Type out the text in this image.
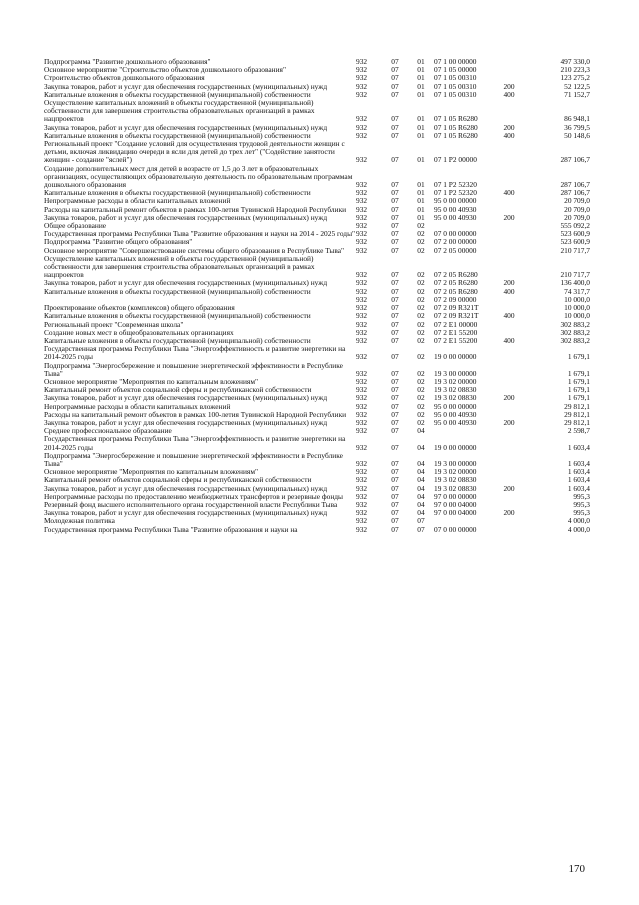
Подпрограмма "Развитие дошкольного образования"	932	07	01	07 1 00 00000		497 330,0
Основное мероприятие "Строительство объектов дошкольного образования"	932	07	01	07 1 05 00000		210 223,3
Строительство объектов дошкольного образования	932	07	01	07 1 05 00310		123 275,2
Закупка товаров, работ и услуг для обеспечения государственных (муниципальных) нужд	932	07	01	07 1 05 00310	200	52 122,5
Капитальные вложения в объекты государственной (муниципальной) собственности	932	07	01	07 1 05 00310	400	71 152,7
Осуществление капитальных вложений в объекты государственной (муниципальной) собственности для завершения строительства образовательных организаций в рамках нацпроектов	932	07	01	07 1 05 R6280		86 948,1
Закупка товаров, работ и услуг для обеспечения государственных (муниципальных) нужд	932	07	01	07 1 05 R6280	200	36 799,5
Капитальные вложения в объекты государственной (муниципальной) собственности	932	07	01	07 1 05 R6280	400	50 148,6
Региональный проект "Создание условий для осуществления трудовой деятельности женщин с детьми, включая ликвидацию очереди в ясли для детей до трех лет" ("Содействие занятости женщин - создание "яслей")	932	07	01	07 1 P2 00000		287 106,7
Создание дополнительных мест для детей в возрасте от 1,5 до 3 лет в образовательных организациях, осуществляющих образовательную деятельность по образовательным программам дошкольного образования	932	07	01	07 1 P2 52320		287 106,7
Капитальные вложения в объекты государственной (муниципальной) собственности	932	07	01	07 1 P2 52320	400	287 106,7
Непрограммные расходы в области капитальных вложений	932	07	01	95 0 00 00000		20 709,0
Расходы на капитальный ремонт объектов в рамках 100-летия Тувинской Народной Республики	932	07	01	95 0 00 40930		20 709,0
Закупка товаров, работ и услуг для обеспечения государственных (муниципальных) нужд	932	07	01	95 0 00 40930	200	20 709,0
Общее образование	932	07	02			555 092,2
Государственная программа Республики Тыва "Развитие образования и науки на 2014 - 2025 годы"	932	07	02	07 0 00 00000		523 600,9
Подпрограмма "Развитие общего образования"	932	07	02	07 2 00 00000		523 600,9
Основное мероприятие "Совершенствование системы общего образования в Республике Тыва"	932	07	02	07 2 05 00000		210 717,7
Осуществление капитальных вложений в объекты государственной (муниципальной) собственности для завершения строительства образовательных организаций в рамках нацпроектов	932	07	02	07 2 05 R6280		210 717,7
Закупка товаров, работ и услуг для обеспечения государственных (муниципальных) нужд	932	07	02	07 2 05 R6280	200	136 400,0
Капитальные вложения в объекты государственной (муниципальной) собственности	932	07	02	07 2 05 R6280	400	74 317,7
	932	07	02	07 2 09 00000		10 000,0
Проектирование объектов (комплексов) общего образования	932	07	02	07 2 09 R321T		10 000,0
Капитальные вложения в объекты государственной (муниципальной) собственности	932	07	02	07 2 09 R321T	400	10 000,0
Региональный проект "Современная школа"	932	07	02	07 2 E1 00000		302 883,2
Создание новых мест в общеобразовательных организациях	932	07	02	07 2 E1 55200		302 883,2
Капитальные вложения в объекты государственной (муниципальной) собственности	932	07	02	07 2 E1 55200	400	302 883,2
Государственная программа Республики Тыва "Энергоэффективность и развитие энергетики на 2014-2025 годы	932	07	02	19 0 00 00000		1 679,1
Подпрограмма "Энергосбережение и повышение энергетической эффективности в Республике Тыва"	932	07	02	19 3 00 00000		1 679,1
Основное мероприятие "Мероприятия по капитальным вложениям"	932	07	02	19 3 02 00000		1 679,1
Капитальный ремонт объектов социальной сферы и республиканской собственности	932	07	02	19 3 02 08830		1 679,1
Закупка товаров, работ и услуг для обеспечения государственных (муниципальных) нужд	932	07	02	19 3 02 08830	200	1 679,1
Непрограммные расходы в области капитальных вложений	932	07	02	95 0 00 00000		29 812,1
Расходы на капитальный ремонт объектов в рамках 100-летия Тувинской Народной Республики	932	07	02	95 0 00 40930		29 812,1
Закупка товаров, работ и услуг для обеспечения государственных (муниципальных) нужд	932	07	02	95 0 00 40930	200	29 812,1
Среднее профессиональное образование	932	07	04			2 598,7
Государственная программа Республики Тыва "Энергоэффективность и развитие энергетики на 2014-2025 годы	932	07	04	19 0 00 00000		1 603,4
Подпрограмма "Энергосбережение и повышение энергетической эффективности в Республике Тыва"	932	07	04	19 3 00 00000		1 603,4
Основное мероприятие "Мероприятия по капитальным вложениям"	932	07	04	19 3 02 00000		1 603,4
Капитальный ремонт объектов социальной сферы и республиканской собственности	932	07	04	19 3 02 08830		1 603,4
Закупка товаров, работ и услуг для обеспечения государственных (муниципальных) нужд	932	07	04	19 3 02 08830	200	1 603,4
Непрограммные расходы по предоставлению межбюджетных трансфертов и резервные фонды	932	07	04	97 0 00 00000		995,3
Резервный фонд высшего исполнительного органа государственной власти Республики Тыва	932	07	04	97 0 00 04000		995,3
Закупка товаров, работ и услуг для обеспечения государственных (муниципальных) нужд	932	07	04	97 0 00 04000	200	995,3
Молодежная политика	932	07	07			4 000,0
Государственная программа Республики Тыва "Развитие образования и науки на	932	07	07	07 0 00 00000		4 000,0
170
